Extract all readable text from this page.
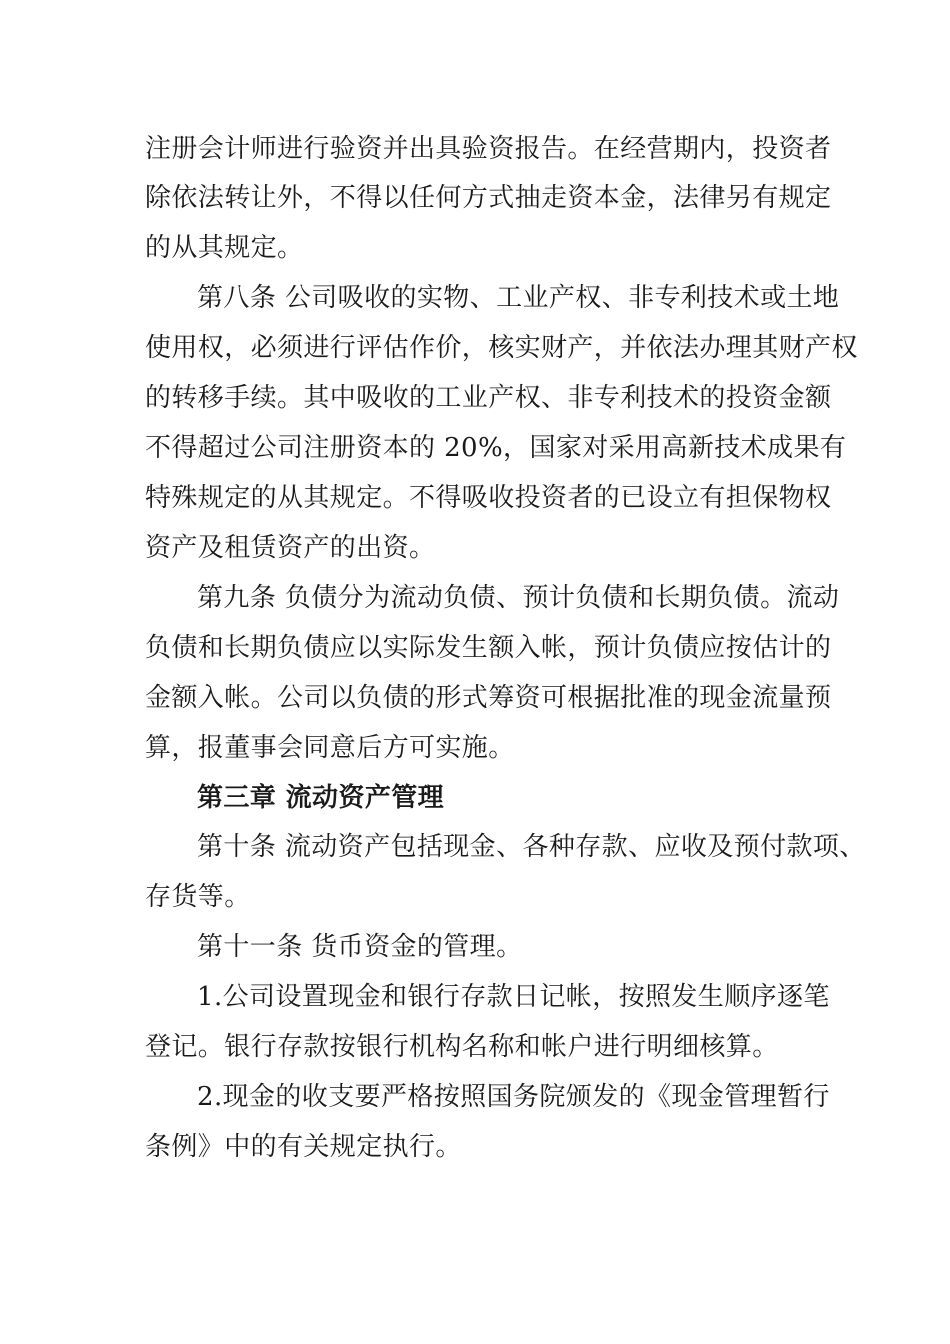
注册会计师进行验资并出具验资报告。在经营期内，投资者
除依法转让外，不得以任何方式抽走资本金，法律另有规定
的从其规定。
第八条 公司吸收的实物、工业产权、非专利技术或土地
使用权，必须进行评估作价，核实财产，并依法办理其财产权
的转移手续。其中吸收的工业产权、非专利技术的投资金额
不得超过公司注册资本的 20%，国家对采用高新技术成果有
特殊规定的从其规定。不得吸收投资者的已设立有担保物权
资产及租赁资产的出资。
第九条 负债分为流动负债、预计负债和长期负债。流动
负债和长期负债应以实际发生额入帐，预计负债应按估计的
金额入帐。公司以负债的形式筹资可根据批准的现金流量预
算，报董事会同意后方可实施。
第三章 流动资产管理
第十条 流动资产包括现金、各种存款、应收及预付款项、
存货等。
第十一条 货币资金的管理。
1.公司设置现金和银行存款日记帐，按照发生顺序逐笔
登记。银行存款按银行机构名称和帐户进行明细核算。
2.现金的收支要严格按照国务院颁发的《现金管理暂行
条例》中的有关规定执行。
